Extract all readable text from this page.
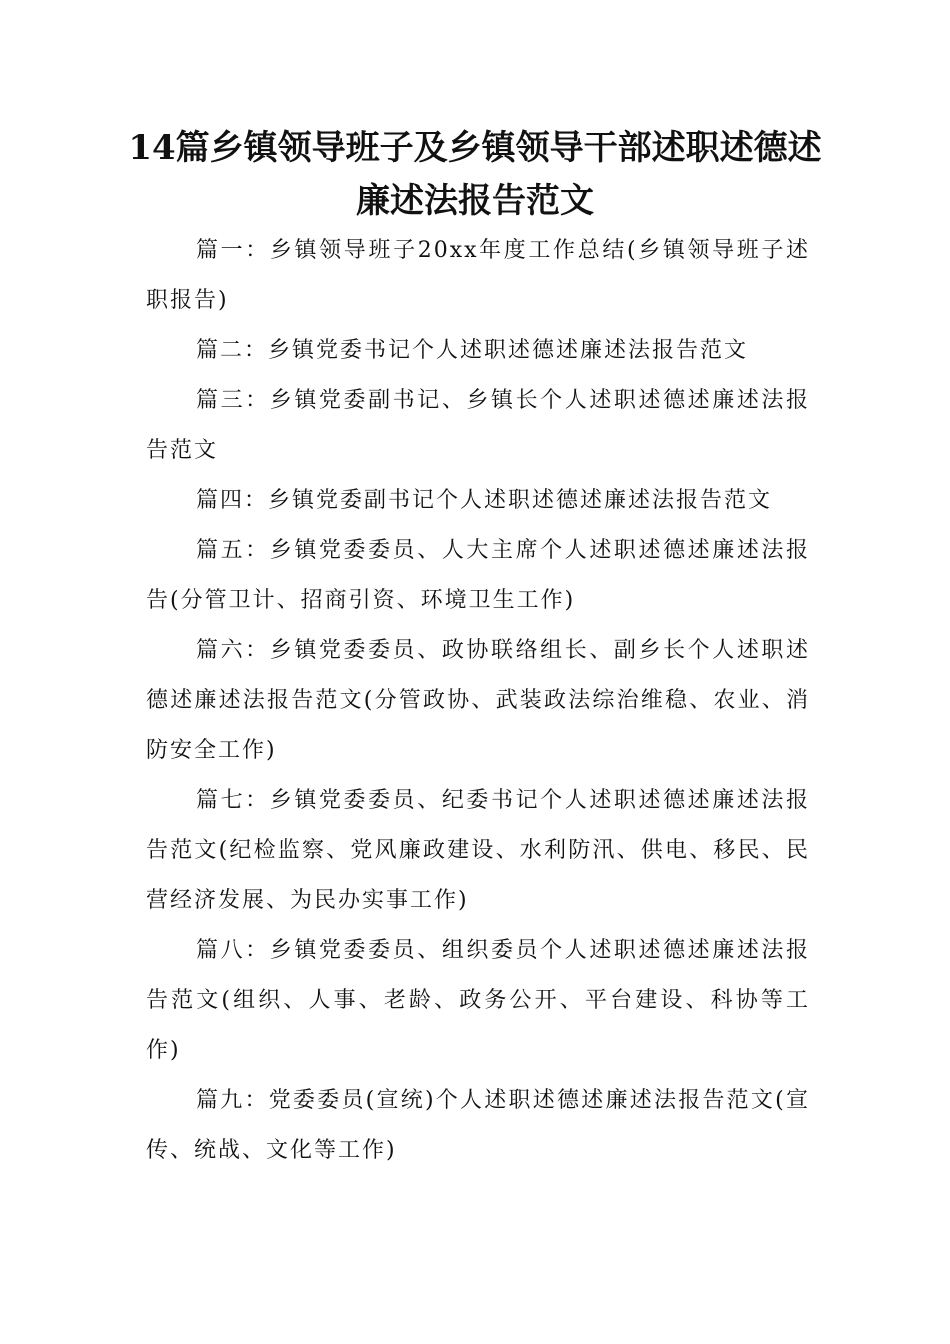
14篇乡镇领导班子及乡镇领导干部述职述德述廉述法报告范文

篇一：乡镇领导班子20xx年度工作总结(乡镇领导班子述职报告)

篇二：乡镇党委书记个人述职述德述廉述法报告范文

篇三：乡镇党委副书记、乡镇长个人述职述德述廉述法报告范文

篇四：乡镇党委副书记个人述职述德述廉述法报告范文

篇五：乡镇党委委员、人大主席个人述职述德述廉述法报告(分管卫计、招商引资、环境卫生工作)

篇六：乡镇党委委员、政协联络组长、副乡长个人述职述德述廉述法报告范文(分管政协、武装政法综治维稳、农业、消防安全工作)

篇七：乡镇党委委员、纪委书记个人述职述德述廉述法报告范文(纪检监察、党风廉政建设、水利防汛、供电、移民、民营经济发展、为民办实事工作)

篇八：乡镇党委委员、组织委员个人述职述德述廉述法报告范文(组织、人事、老龄、政务公开、平台建设、科协等工作)

篇九：党委委员(宣统)个人述职述德述廉述法报告范文(宣传、统战、文化等工作)
